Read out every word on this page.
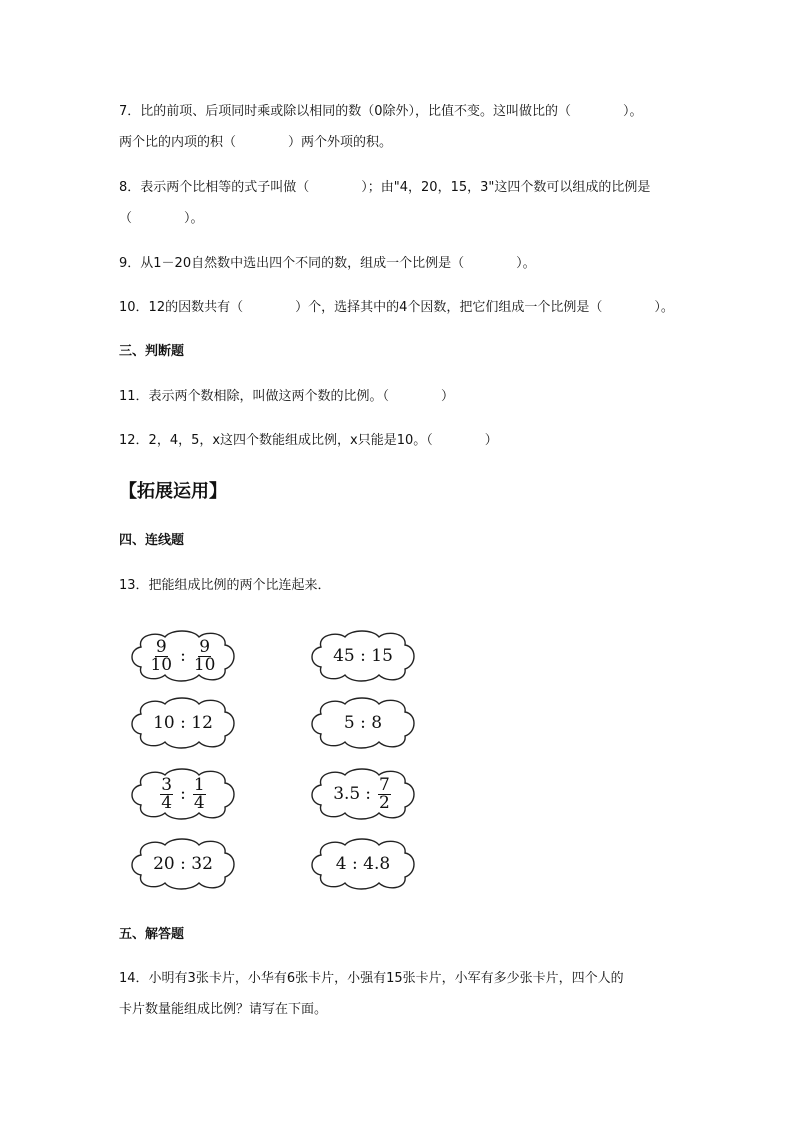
7．比的前项、后项同时乘或除以相同的数（0除外），比值不变。这叫做比的（　　　　）。
两个比的内项的积（　　　　）两个外项的积。
8．表示两个比相等的式子叫做（　　　　）；由"4，20，15，3"这四个数可以组成的比例是
（　　　　）。
9．从1－20自然数中选出四个不同的数，组成一个比例是（　　　　）。
10．12的因数共有（　　　　）个，选择其中的4个因数，把它们组成一个比例是（　　　　）。
三、判断题
11．表示两个数相除，叫做这两个数的比例。（　　　　）
12．2，4，5，x这四个数能组成比例，x只能是10。（　　　　）
【拓展运用】
四、连线题
13．把能组成比例的两个比连起来．
$\frac{9}{10}$ : $\frac{9}{10}$
10 : 12
$\frac{3}{4}$ : $\frac{1}{4}$
20 : 32
45 : 15
5 : 8
3.5 : $\frac{7}{2}$
4 : 4.8
五、解答题
14．小明有3张卡片，小华有6张卡片，小强有15张卡片，小军有多少张卡片，四个人的
卡片数量能组成比例？请写在下面。
